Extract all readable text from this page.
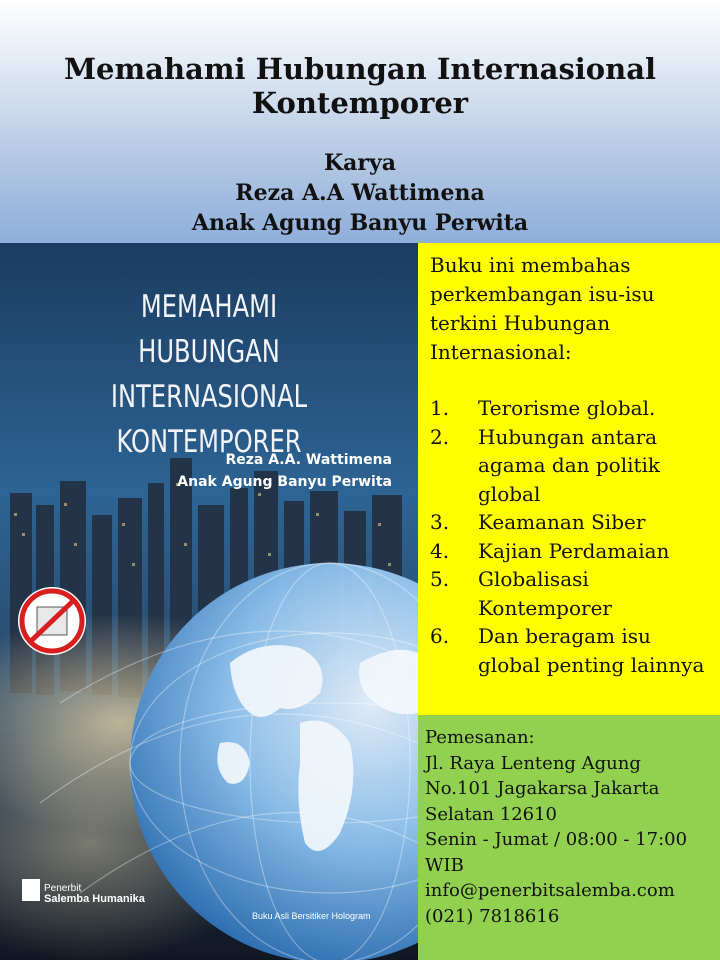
Memahami Hubungan Internasional
Kontemporer
Karya
Reza A.A Wattimena
Anak Agung Banyu Perwita
MEMAHAMI
HUBUNGAN INTERNASIONAL
KONTEMPORER
Reza A.A. Wattimena
Anak Agung Banyu Perwita
Penerbit
Salemba Humanika
Buku Asli Bersitiker Hologram
Buku ini membahas perkembangan isu-isu terkini Hubungan Internasional:
1. Terorisme global.
2. Hubungan antara agama dan politik global
3. Keamanan Siber
4. Kajian Perdamaian
5. Globalisasi Kontemporer
6. Dan beragam isu global penting lainnya
Pemesanan:
Jl. Raya Lenteng Agung
No.101 Jagakarsa Jakarta
Selatan 12610
Senin - Jumat / 08:00 - 17:00
WIB
info@penerbitsalemba.com
(021) 7818616
